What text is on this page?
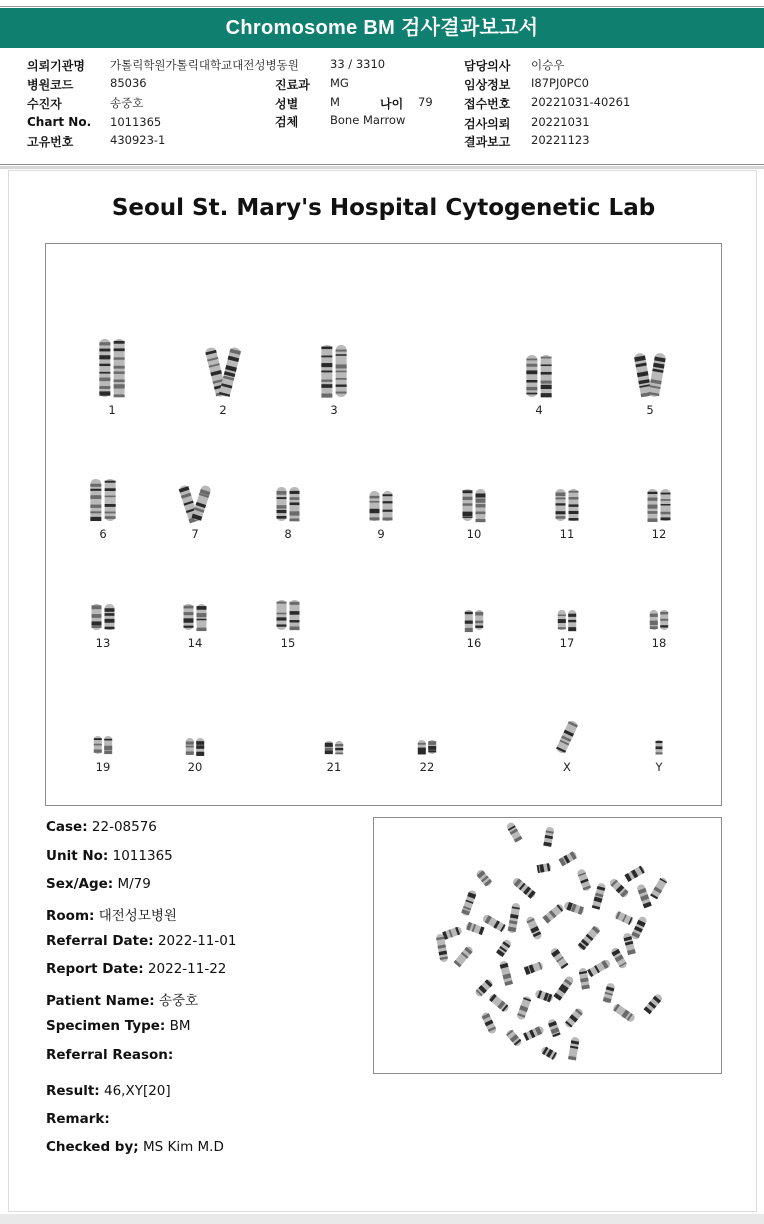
Chromosome BM 검사결과보고서
의뢰기관명 가톨릭학원가톨릭대학교대전성병동원	33 / 3310	담당의사 이승우
병원코드	85036	진료과 MG	임상정보 I87PJ0PC0
수진자	송중호	성별	M	나이 79	접수번호 20221031-40261
Chart No. 1011365	검체	Bone Marrow	검사의뢰 20221031
고유번호	430923-1	결과보고 20221123
Seoul St. Mary's Hospital Cytogenetic Lab
1	2	3	4	5
6	7	8	9	10	11	12
13	14	15	16	17	18
19	20	21	22	X	Y
Case: 22-08576
Unit No: 1011365
Sex/Age: M/79
Room: 대전성모병원
Referral Date: 2022-11-01
Report Date: 2022-11-22
Patient Name: 송중호
Specimen Type: BM
Referral Reason:
Result: 46,XY[20]
Remark:
Checked by; MS Kim M.D
